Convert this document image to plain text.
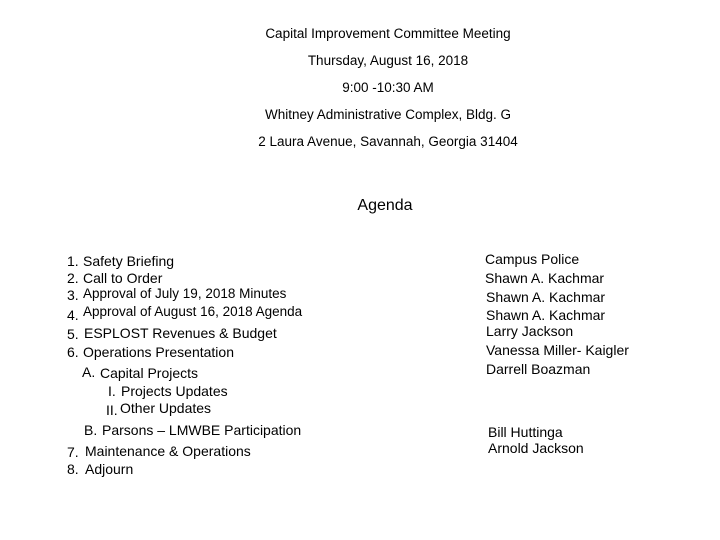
Capital Improvement Committee Meeting
Thursday, August 16, 2018
9:00 -10:30 AM
Whitney Administrative Complex, Bldg. G
2 Laura Avenue, Savannah, Georgia 31404
Agenda
1. Safety Briefing	Campus Police
2. Call to Order	Shawn A. Kachmar
3. Approval of July 19, 2018 Minutes	Shawn A. Kachmar
4. Approval of August 16, 2018 Agenda	Shawn A. Kachmar
5. ESPLOST Revenues & Budget	Larry Jackson
6. Operations Presentation	Vanessa Miller- Kaigler
A. Capital Projects	Darrell Boazman
I. Projects Updates
II. Other Updates
B. Parsons – LMWBE Participation	Bill Huttinga
7. Maintenance & Operations	Arnold Jackson
8. Adjourn
